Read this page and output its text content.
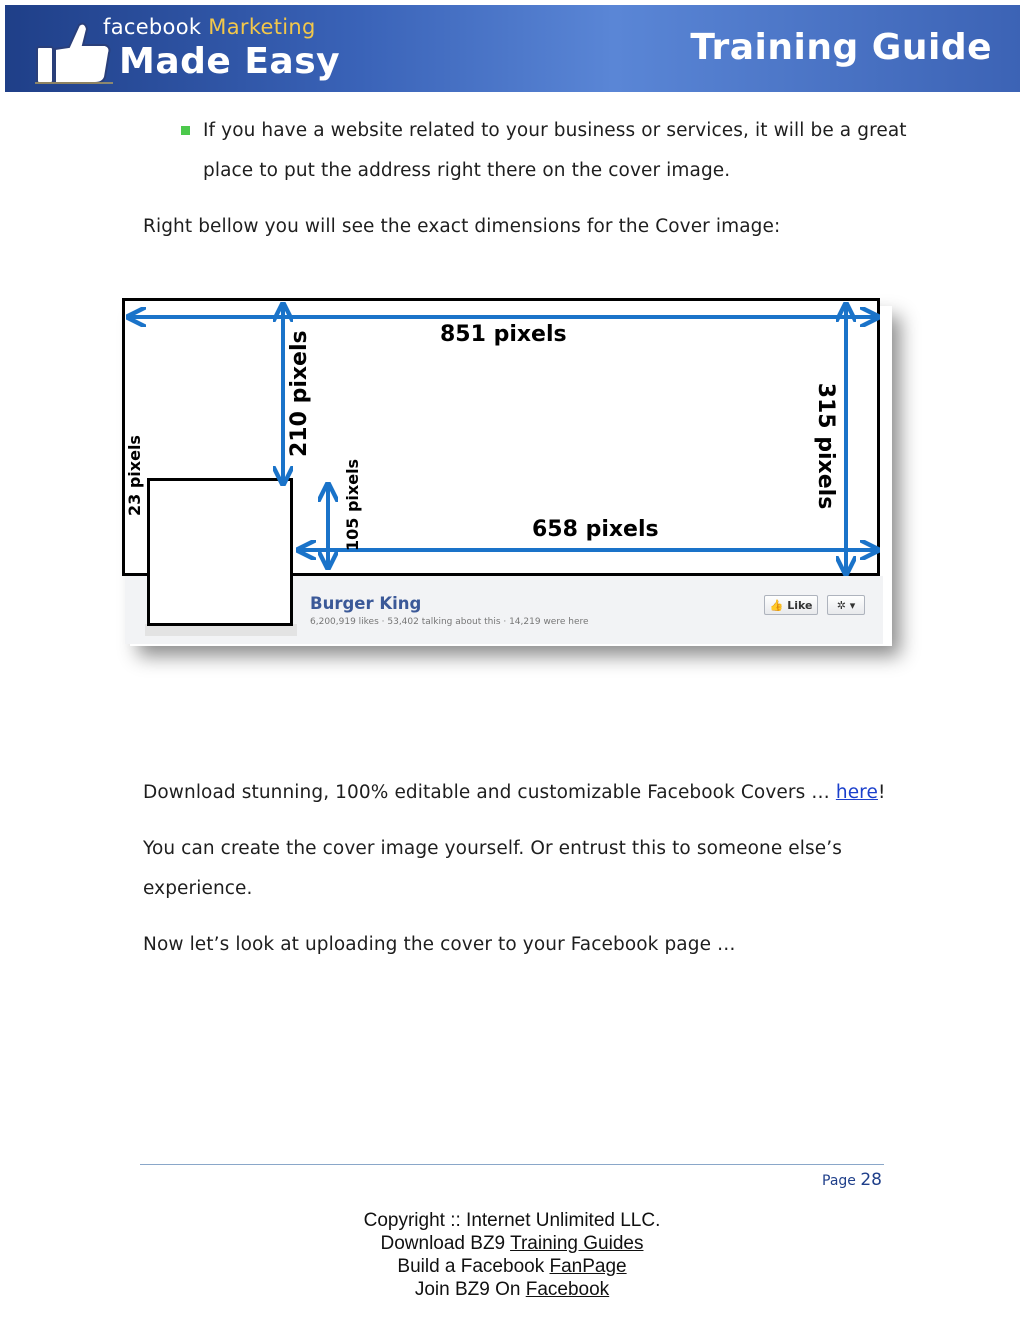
facebook Marketing
Made Easy	Training Guide
If you have a website related to your business or services, it will be a great
place to put the address right there on the cover image.
Right bellow you will see the exact dimensions for the Cover image:
Burger King
6,200,919 likes · 53,402 talking about this · 14,219 were here
👍 Like ✲ ▾
851 pixels
658 pixels
210 pixels	315 pixels
105 pixels
23 pixels
Download stunning, 100% editable and customizable Facebook Covers … here!
You can create the cover image yourself. Or entrust this to someone else’s
experience.
Now let’s look at uploading the cover to your Facebook page …
Page 28
Copyright :: Internet Unlimited LLC.
Download BZ9 Training Guides
Build a Facebook FanPage
Join BZ9 On Facebook
